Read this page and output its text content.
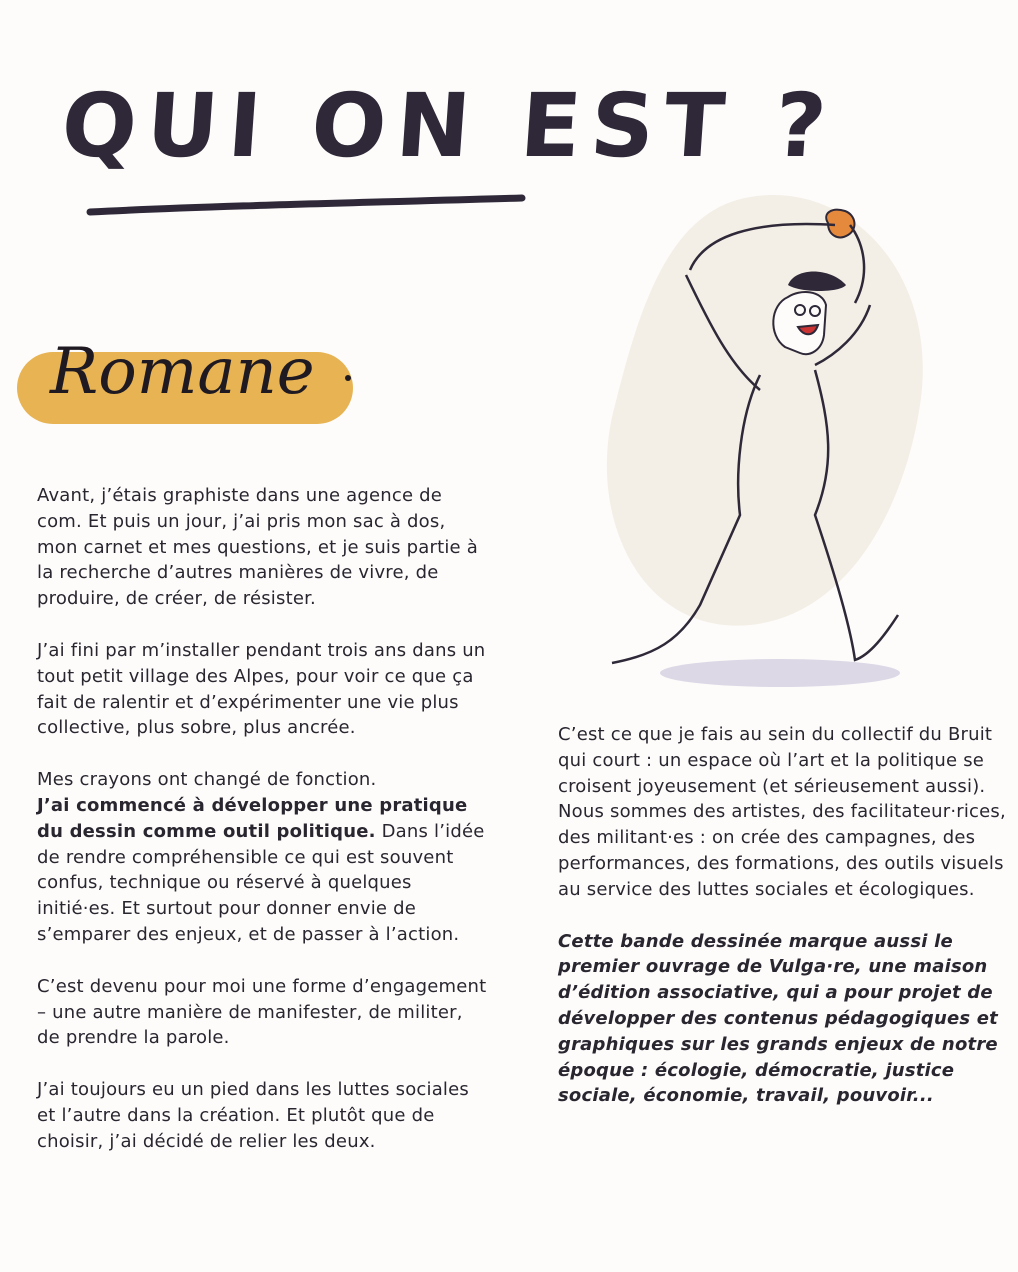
QUI ON EST ?
Romane

Avant, j’étais graphiste dans une agence de com. Et puis un jour, j’ai pris mon sac à dos, mon carnet et mes questions, et je suis partie à la recherche d’autres manières de vivre, de produire, de créer, de résister.

J’ai fini par m’installer pendant trois ans dans un tout petit village des Alpes, pour voir ce que ça fait de ralentir et d’expérimenter une vie plus collective, plus sobre, plus ancrée.

Mes crayons ont changé de fonction.
J’ai commencé à développer une pratique du dessin comme outil politique. Dans l’idée de rendre compréhensible ce qui est souvent confus, technique ou réservé à quelques initié·es. Et surtout pour donner envie de s’emparer des enjeux, et de passer à l’action.

C’est devenu pour moi une forme d’engagement – une autre manière de manifester, de militer, de prendre la parole.

J’ai toujours eu un pied dans les luttes sociales et l’autre dans la création. Et plutôt que de choisir, j’ai décidé de relier les deux.

C’est ce que je fais au sein du collectif du Bruit qui court : un espace où l’art et la politique se croisent joyeusement (et sérieusement aussi).

Nous sommes des artistes, des facilitateur·rices, des militant·es : on crée des campagnes, des performances, des formations, des outils visuels au service des luttes sociales et écologiques.

Cette bande dessinée marque aussi le premier ouvrage de Vulga·re, une maison d’édition associative, qui a pour projet de développer des contenus pédagogiques et graphiques sur les grands enjeux de notre époque : écologie, démocratie, justice sociale, économie, travail, pouvoir...
